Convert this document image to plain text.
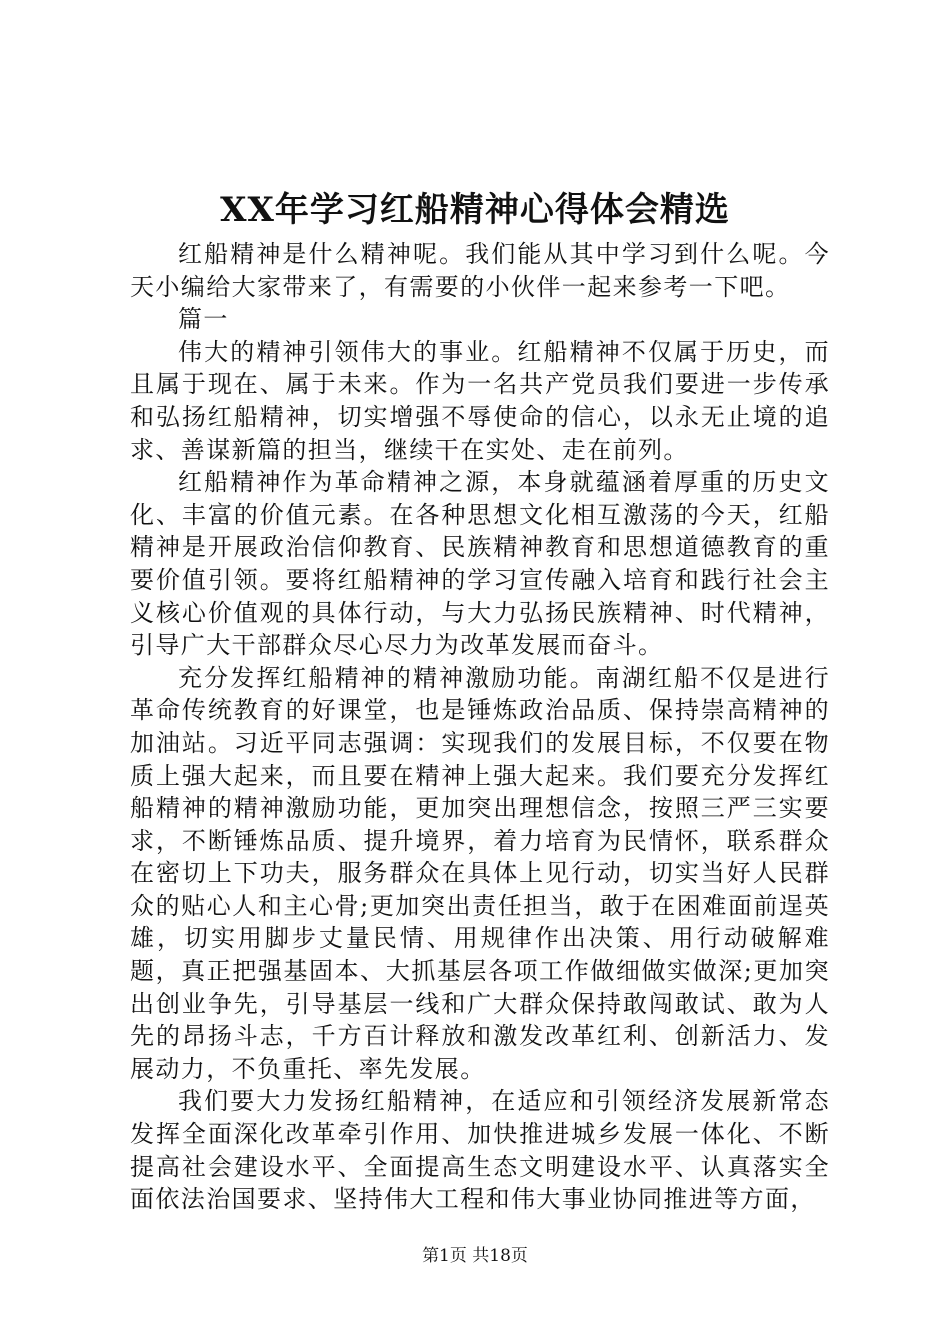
XX年学习红船精神心得体会精选

红船精神是什么精神呢。我们能从其中学习到什么呢。今天小编给大家带来了，有需要的小伙伴一起来参考一下吧。

篇一

伟大的精神引领伟大的事业。红船精神不仅属于历史，而且属于现在、属于未来。作为一名共产党员我们要进一步传承和弘扬红船精神，切实增强不辱使命的信心，以永无止境的追求、善谋新篇的担当，继续干在实处、走在前列。

红船精神作为革命精神之源，本身就蕴涵着厚重的历史文化、丰富的价值元素。在各种思想文化相互激荡的今天，红船精神是开展政治信仰教育、民族精神教育和思想道德教育的重要价值引领。要将红船精神的学习宣传融入培育和践行社会主义核心价值观的具体行动，与大力弘扬民族精神、时代精神，引导广大干部群众尽心尽力为改革发展而奋斗。

充分发挥红船精神的精神激励功能。南湖红船不仅是进行革命传统教育的好课堂，也是锤炼政治品质、保持崇高精神的加油站。习近平同志强调：实现我们的发展目标，不仅要在物质上强大起来，而且要在精神上强大起来。我们要充分发挥红船精神的精神激励功能，更加突出理想信念，按照三严三实要求，不断锤炼品质、提升境界，着力培育为民情怀，联系群众在密切上下功夫，服务群众在具体上见行动，切实当好人民群众的贴心人和主心骨;更加突出责任担当，敢于在困难面前逞英雄，切实用脚步丈量民情、用规律作出决策、用行动破解难题，真正把强基固本、大抓基层各项工作做细做实做深;更加突出创业争先，引导基层一线和广大群众保持敢闯敢试、敢为人先的昂扬斗志，千方百计释放和激发改革红利、创新活力、发展动力，不负重托、率先发展。

我们要大力发扬红船精神，在适应和引领经济发展新常态发挥全面深化改革牵引作用、加快推进城乡发展一体化、不断提高社会建设水平、全面提高生态文明建设水平、认真落实全面依法治国要求、坚持伟大工程和伟大事业协同推进等方面，

第1页 共18页
